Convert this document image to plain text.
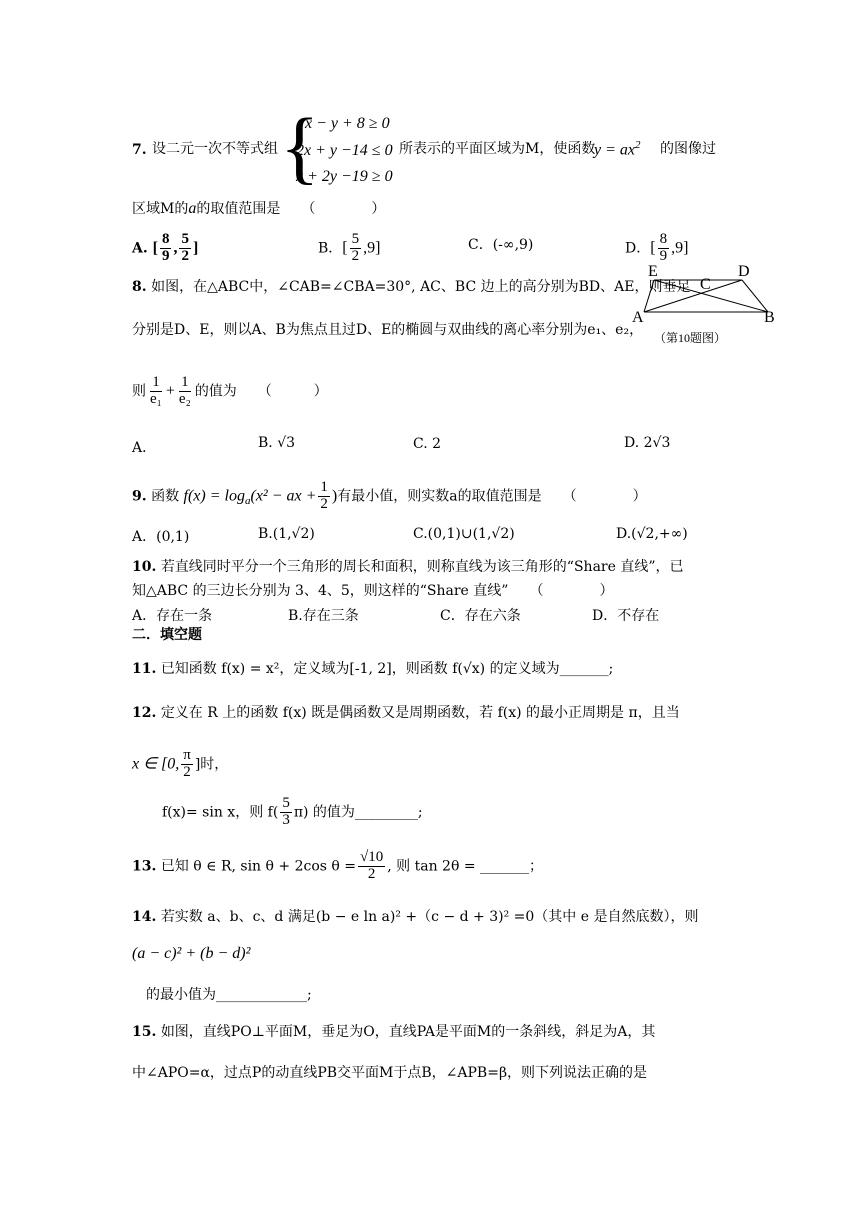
7. 设二元一次不等式组 {
x − y + 8 ≥ 0
2x + y −14 ≤ 0
x + 2y −19 ≥ 0
所表示的平面区域为M，使函数
$y = ax^2$ 的图像过
区域M的a的取值范围是　　（　　　　）
A. [ $\frac{8}{9}$ , $\frac{5}{2}$ ]	B．[ $\frac{5}{2} ,9$]	C．(-∞,9)	D．[ $\frac{8}{9} ,9$]
8. 如图，在△ABC中，∠CAB=∠CBA=30°, AC、BC 边上的高分别为BD、AE，则垂足
分别是D、E，则以A、B为焦点且过D、E的椭圆与双曲线的离心率分别为e₁、e₂，
则 $\frac{1}{\text{e₁}} + \frac{1}{\text{e₂}}$ 的值为　　（　　　）
E	D
C
A	B
（第10题图）
A．	B. √3	C. 2	D. 2√3
9. 函数 $f(x) = \log_a(x^2$ − ax + $\frac{1}{2}$ )有最小值，则实数a的取值范围是　　（　　　　）
A．(0,1)	B.(1,√2)	C.(0,1)∪(1,√2)	D.(√2,+∞)
10. 若直线同时平分一个三角形的周长和面积，则称直线为该三角形的“Share 直线”，已
知△ABC 的三边长分别为 3、4、5，则这样的“Share 直线”　　（　　　　）
A．存在一条	B.存在三条	C．存在六条	D．不存在
二．填空题
11. 已知函数 f(x) = x²，定义域为[-1, 2]，则函数 f(√x) 的定义域为_______;
12. 定义在 R 上的函数 f(x) 既是偶函数又是周期函数，若 f(x) 的最小正周期是 π，且当
x ∈ [0, $\frac{\pi}{2}$ ]时，
f(x)= sin x，则 $f( \frac{5}{3} \pi)$ 的值为_________;
13. 已知 θ ∈ R, sin θ + 2cos $\theta = \frac{√10}{2}$ , 则 tan 2θ = _______；
14. 若实数 a、b、c、d 满足(b − e ln a)² +（c − d + 3)² =0（其中 e 是自然底数），则
(a − c)² + (b − d)²
的最小值为_____________;
15. 如图，直线PO⊥平面M，垂足为O，直线PA是平面M的一条斜线，斜足为A，其
中∠APO=α，过点P的动直线PB交平面M于点B，∠APB=β，则下列说法正确的是
